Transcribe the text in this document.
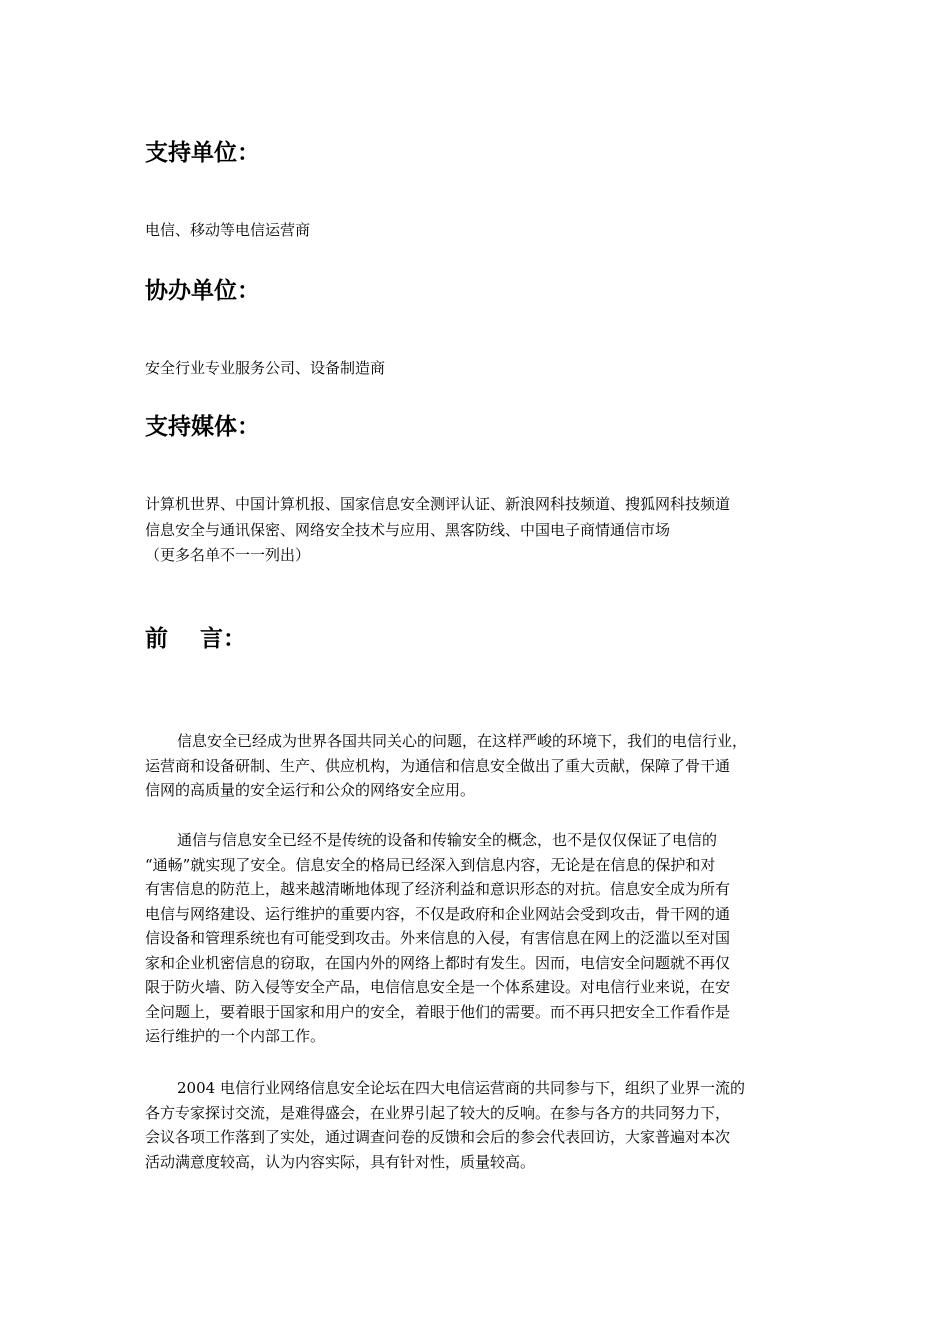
支持单位：

电信、移动等电信运营商

协办单位：

安全行业专业服务公司、设备制造商

支持媒体：

计算机世界、中国计算机报、国家信息安全测评认证、新浪网科技频道、搜狐网科技频道

信息安全与通讯保密、网络安全技术与应用、黑客防线、中国电子商情通信市场

（更多名单不一一列出）

前    言：
信息安全已经成为世界各国共同关心的问题，在这样严峻的环境下，我们的电信行业，
运营商和设备研制、生产、供应机构，为通信和信息安全做出了重大贡献，保障了骨干通
信网的高质量的安全运行和公众的网络安全应用。
通信与信息安全已经不是传统的设备和传输安全的概念，也不是仅仅保证了电信的
“通畅”就实现了安全。信息安全的格局已经深入到信息内容，无论是在信息的保护和对
有害信息的防范上，越来越清晰地体现了经济利益和意识形态的对抗。信息安全成为所有
电信与网络建设、运行维护的重要内容，不仅是政府和企业网站会受到攻击，骨干网的通
信设备和管理系统也有可能受到攻击。外来信息的入侵，有害信息在网上的泛滥以至对国
家和企业机密信息的窃取，在国内外的网络上都时有发生。因而，电信安全问题就不再仅
限于防火墙、防入侵等安全产品，电信信息安全是一个体系建设。对电信行业来说，在安
全问题上，要着眼于国家和用户的安全，着眼于他们的需要。而不再只把安全工作看作是
运行维护的一个内部工作。
2004 电信行业网络信息安全论坛在四大电信运营商的共同参与下，组织了业界一流的
各方专家探讨交流，是难得盛会，在业界引起了较大的反响。在参与各方的共同努力下，
会议各项工作落到了实处，通过调查问卷的反馈和会后的参会代表回访，大家普遍对本次
活动满意度较高，认为内容实际，具有针对性，质量较高。
